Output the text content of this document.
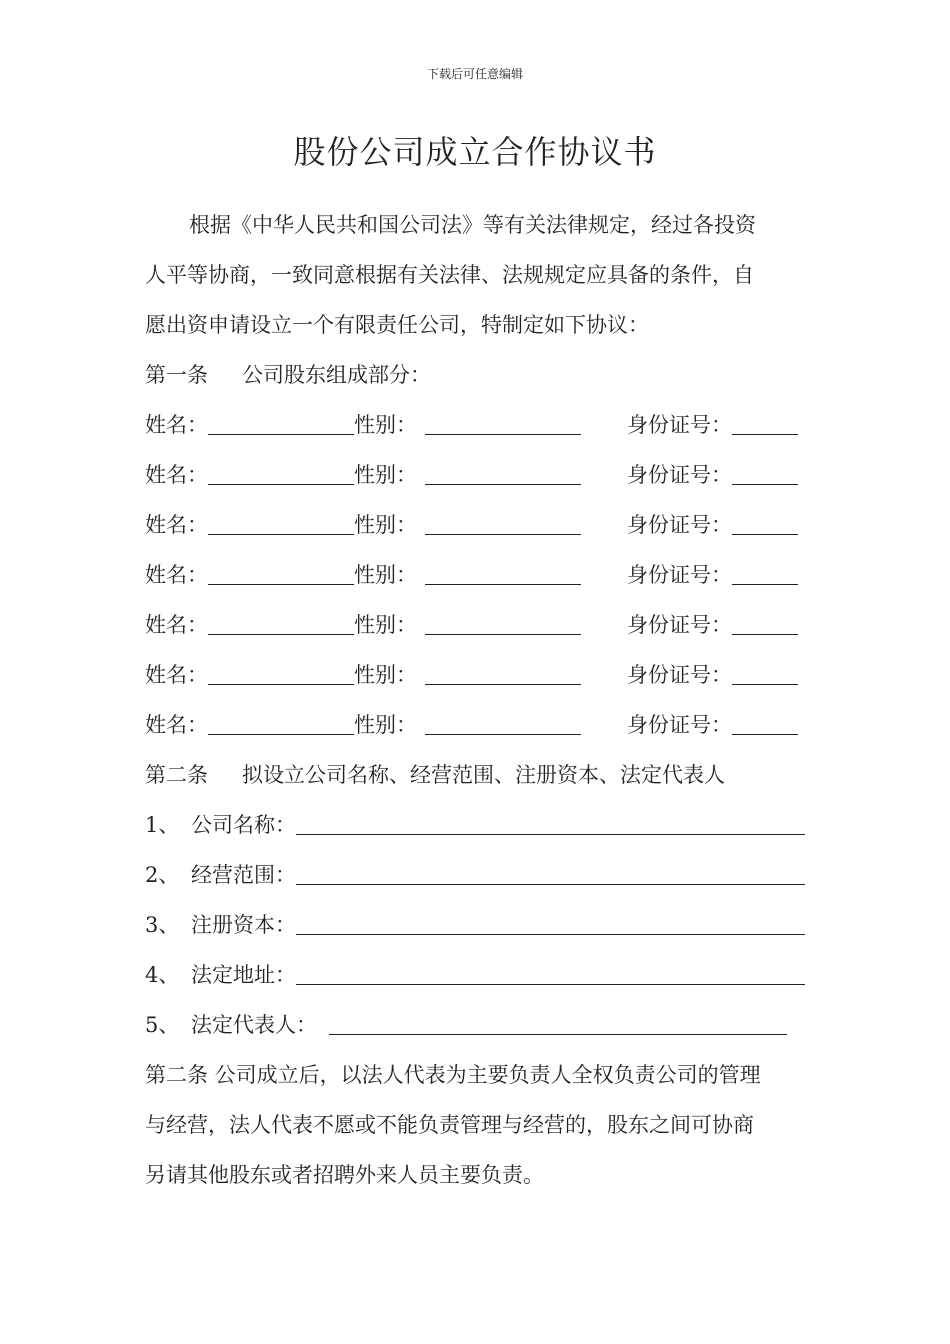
下载后可任意编辑
股份公司成立合作协议书
根据《中华人民共和国公司法》等有关法律规定，经过各投资
人平等协商，一致同意根据有关法律、法规规定应具备的条件，自
愿出资申请设立一个有限责任公司，特制定如下协议：
第一条 公司股东组成部分：
姓名：	性别：	身份证号：
姓名：	性别：	身份证号：
姓名：	性别：	身份证号：
姓名：	性别：	身份证号：
姓名：	性别：	身份证号：
姓名：	性别：	身份证号：
姓名：	性别：	身份证号：
第二条 拟设立公司名称、经营范围、注册资本、法定代表人
1、 公司名称：
2、 经营范围：
3、 注册资本：
4、 法定地址：
5、 法定代表人：
第二条 公司成立后，以法人代表为主要负责人全权负责公司的管理
与经营，法人代表不愿或不能负责管理与经营的，股东之间可协商
另请其他股东或者招聘外来人员主要负责。
